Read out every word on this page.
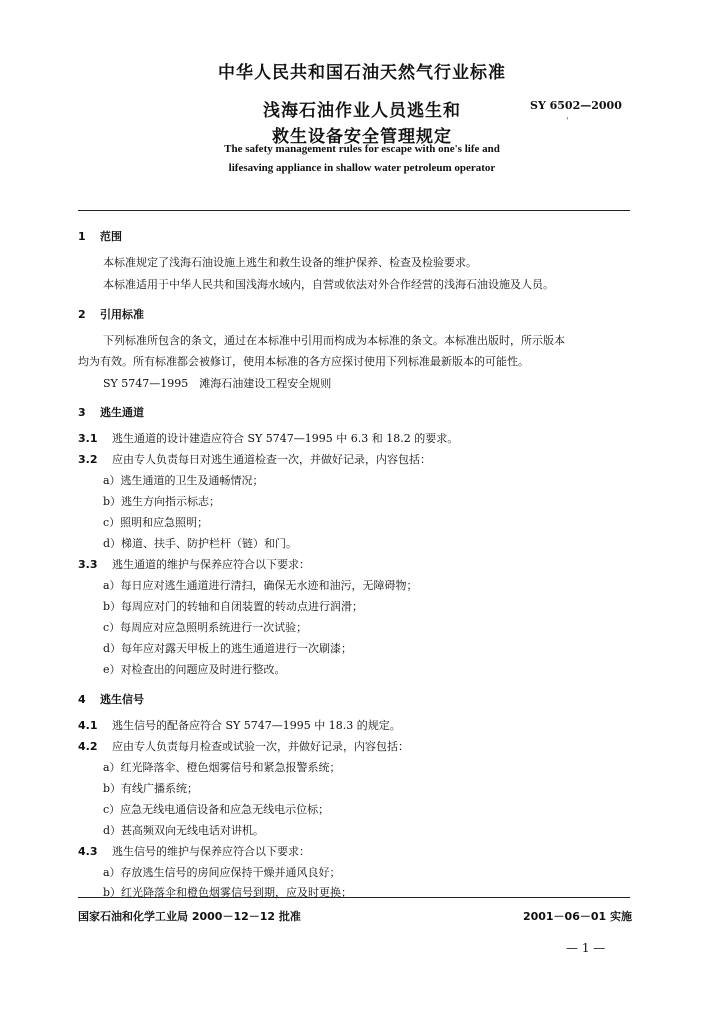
中华人民共和国石油天然气行业标准
浅海石油作业人员逃生和
救生设备安全管理规定
SY 6502—2000
'
The safety management rules for escape with one's life and
lifesaving appliance in shallow water petroleum operator
1 范围
本标准规定了浅海石油设施上逃生和救生设备的维护保养、检查及检验要求。
本标准适用于中华人民共和国浅海水域内，自营或依法对外合作经营的浅海石油设施及人员。
2 引用标准
下列标准所包含的条文，通过在本标准中引用而构成为本标准的条文。本标准出版时，所示版本
均为有效。所有标准都会被修订，使用本标准的各方应探讨使用下列标准最新版本的可能性。
SY 5747—1995　滩海石油建设工程安全规则
3 逃生通道
3.1 逃生通道的设计建造应符合 SY 5747—1995 中 6.3 和 18.2 的要求。
3.2 应由专人负责每日对逃生通道检查一次，并做好记录，内容包括：
a）逃生通道的卫生及通畅情况；
b）逃生方向指示标志；
c）照明和应急照明；
d）梯道、扶手、防护栏杆（链）和门。
3.3 逃生通道的维护与保养应符合以下要求：
a）每日应对逃生通道进行清扫，确保无水迹和油污，无障碍物；
b）每周应对门的转轴和自闭装置的转动点进行润滑；
c）每周应对应急照明系统进行一次试验；
d）每年应对露天甲板上的逃生通道进行一次刷漆；
e）对检查出的问题应及时进行整改。
4 逃生信号
4.1 逃生信号的配备应符合 SY 5747—1995 中 18.3 的规定。
4.2 应由专人负责每月检查或试验一次，并做好记录，内容包括：
a）红光降落伞、橙色烟雾信号和紧急报警系统；
b）有线广播系统；
c）应急无线电通信设备和应急无线电示位标；
d）甚高频双向无线电话对讲机。
4.3 逃生信号的维护与保养应符合以下要求：
a）存放逃生信号的房间应保持干燥并通风良好；
b）红光降落伞和橙色烟雾信号到期，应及时更换；
国家石油和化学工业局 2000－12－12 批准	2001－06－01 实施
— 1 —
